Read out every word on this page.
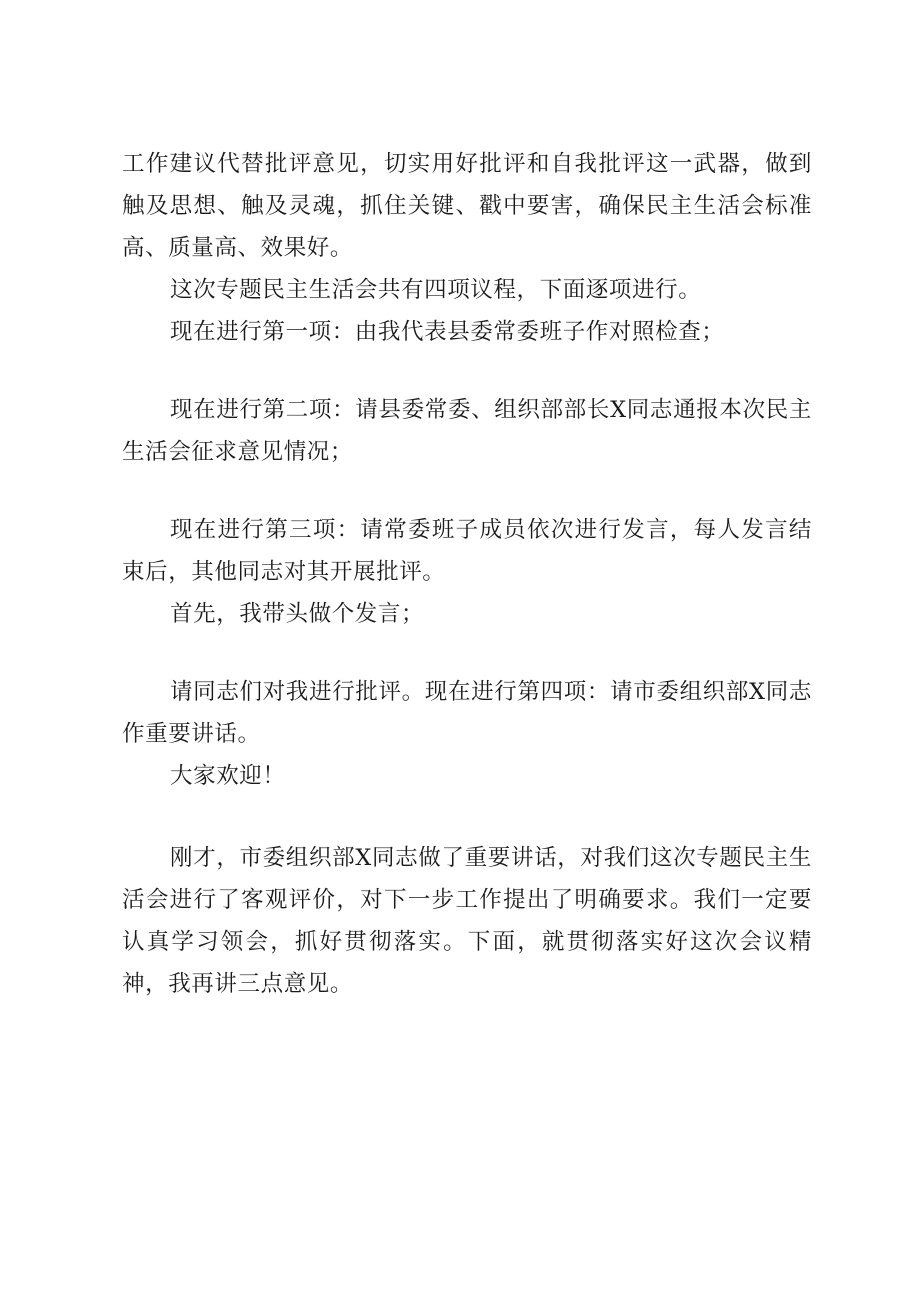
工作建议代替批评意见，切实用好批评和自我批评这一武器，做到触及思想、触及灵魂，抓住关键、戳中要害，确保民主生活会标准高、质量高、效果好。

这次专题民主生活会共有四项议程，下面逐项进行。

现在进行第一项：由我代表县委常委班子作对照检查；

现在进行第二项：请县委常委、组织部部长X同志通报本次民主生活会征求意见情况；

现在进行第三项：请常委班子成员依次进行发言，每人发言结束后，其他同志对其开展批评。

首先，我带头做个发言；

请同志们对我进行批评。现在进行第四项：请市委组织部X同志作重要讲话。

大家欢迎！

刚才，市委组织部X同志做了重要讲话，对我们这次专题民主生活会进行了客观评价，对下一步工作提出了明确要求。我们一定要认真学习领会，抓好贯彻落实。下面，就贯彻落实好这次会议精神，我再讲三点意见。
